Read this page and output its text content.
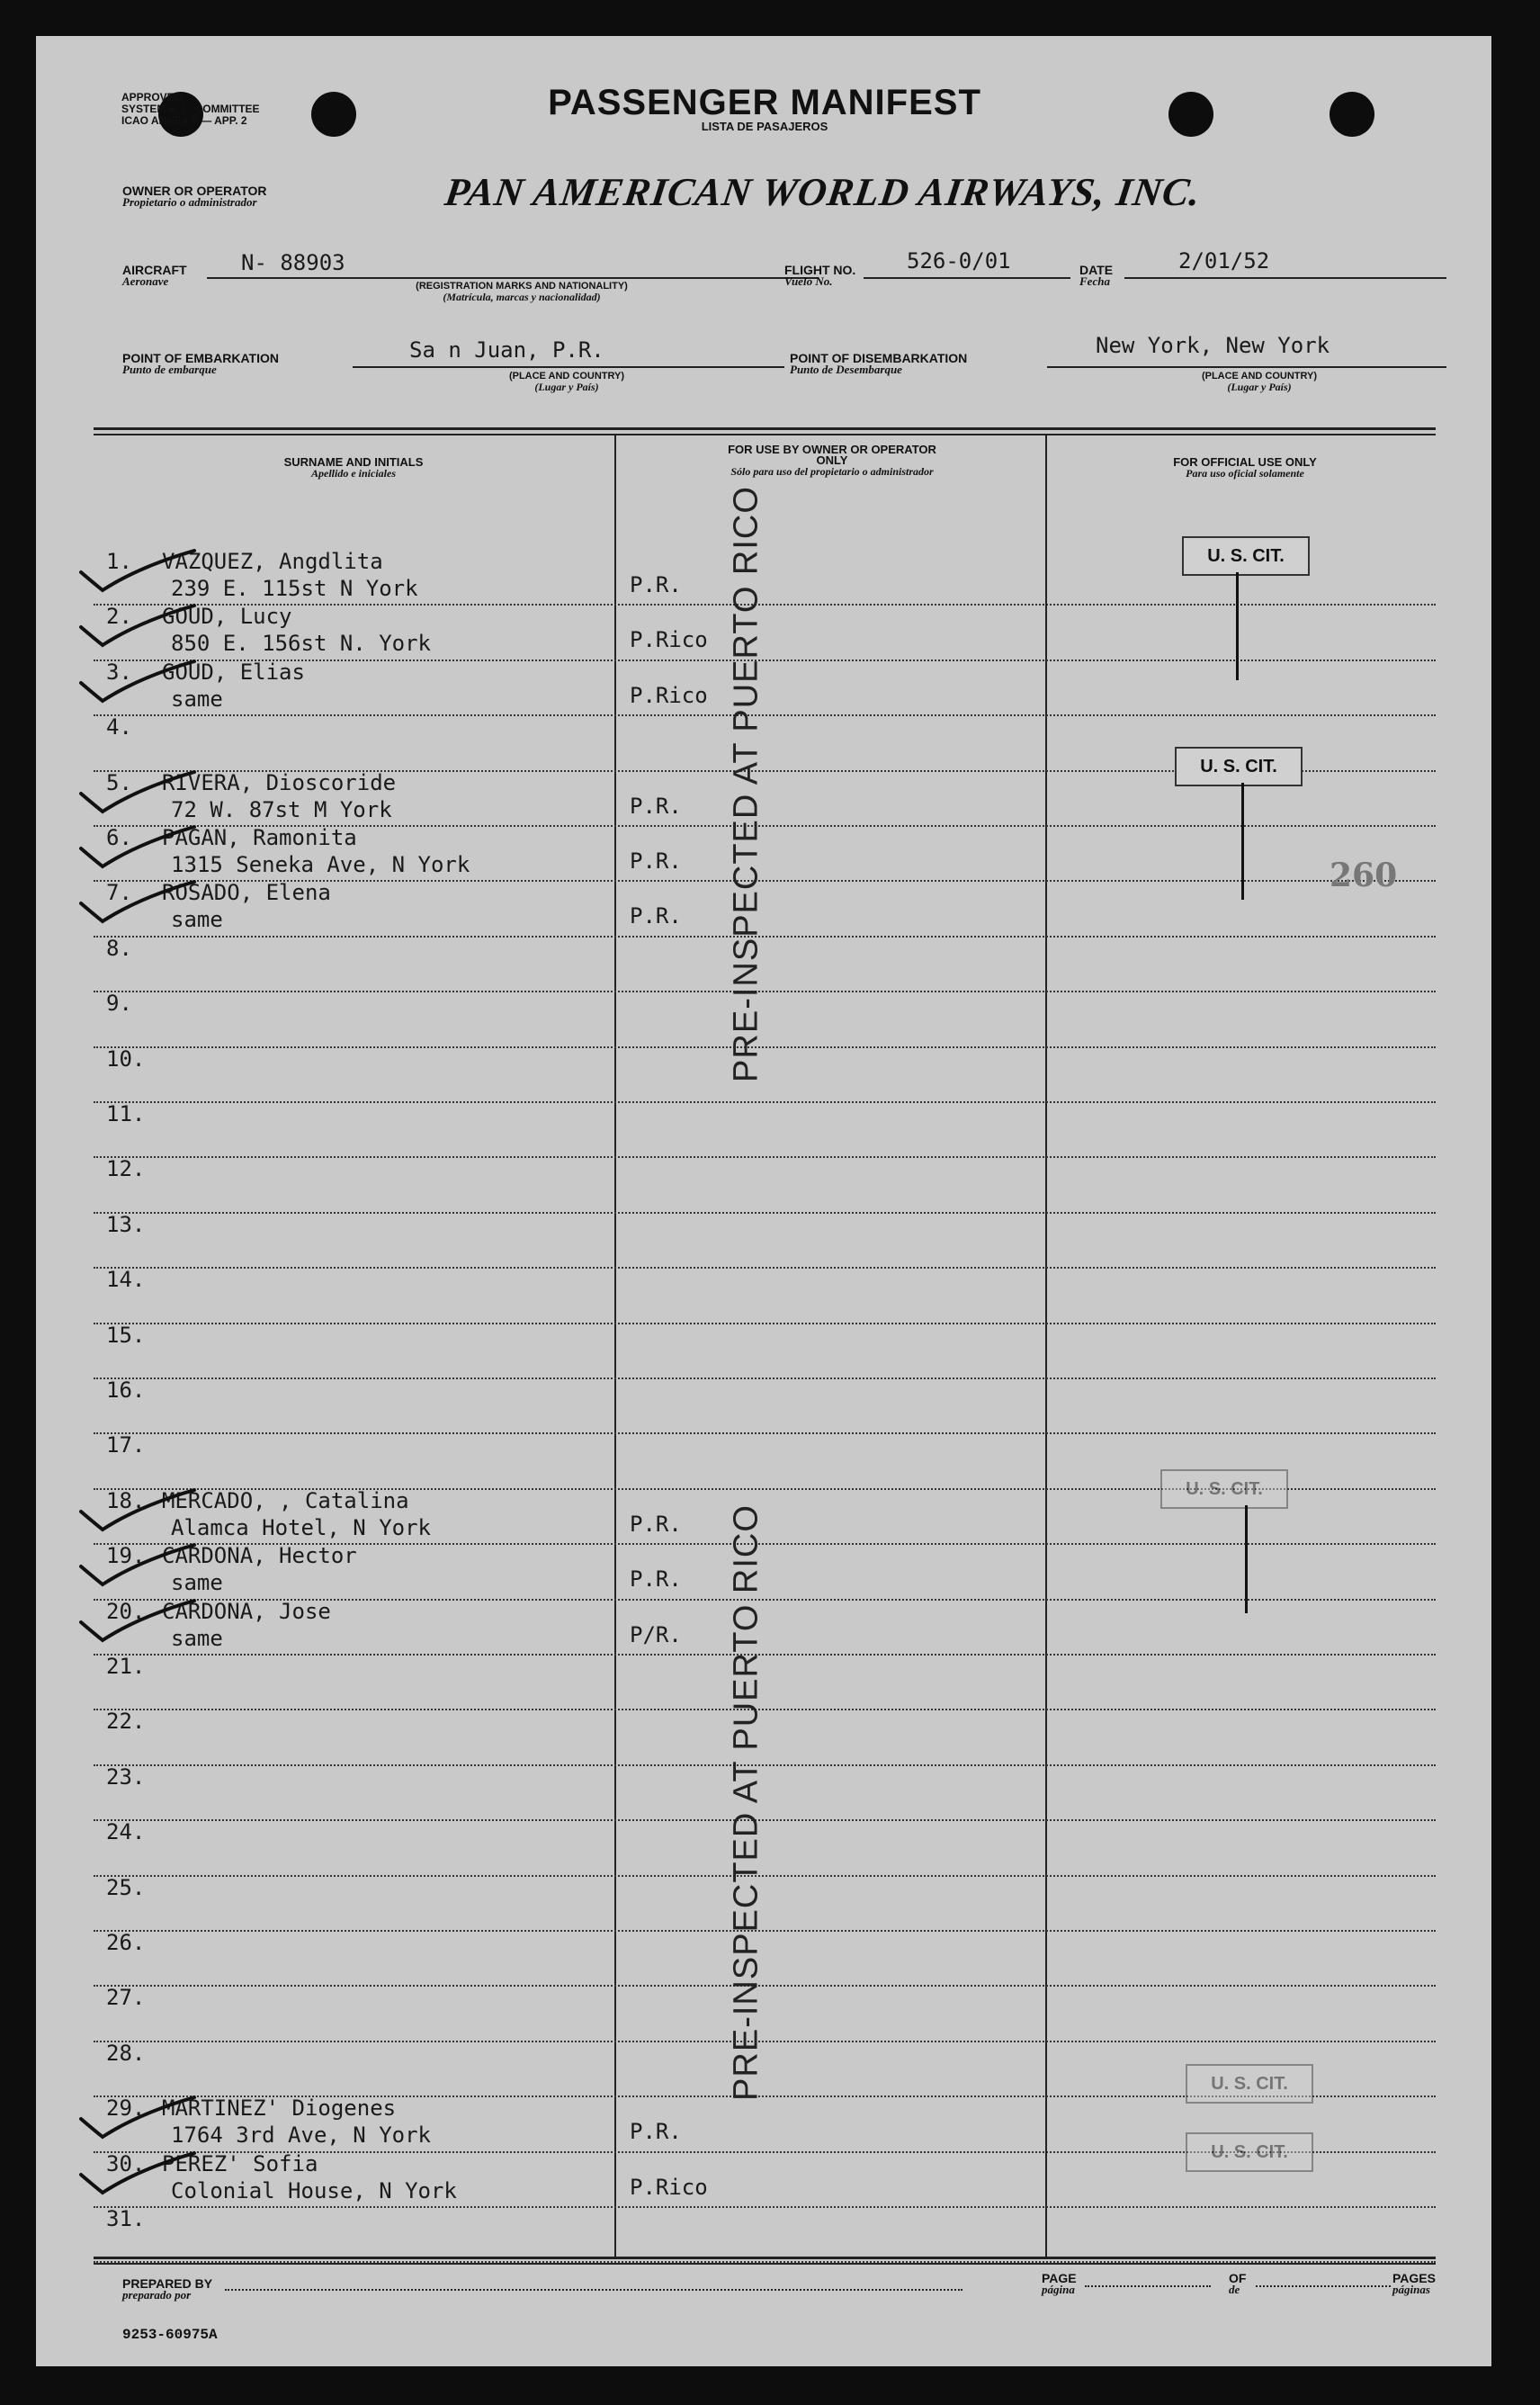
APPROVED
SYSTEM A. L. COMMITTEE
ICAO ANNEX 9 — APP. 2	PASSENGER MANIFEST
LISTA DE PASAJEROS
OWNER OR OPERATOR
Propietario o administrador	PAN AMERICAN WORLD AIRWAYS, INC.
AIRCRAFT
Aeronave
N- 88903
(REGISTRATION MARKS AND NATIONALITY)
(Matrícula, marcas y nacionalidad)
FLIGHT NO.
Vuelo No.
526-0/01	DATE
Fecha
2/01/52
POINT OF EMBARKATION
Punto de embarque
Sa n Juan, P.R.
(PLACE AND COUNTRY)
(Lugar y País)
POINT OF DISEMBARKATION
Punto de Desembarque
New York, New York
(PLACE AND COUNTRY)
(Lugar y País)
SURNAME AND INITIALS
Apellido e iniciales
FOR USE BY OWNER OR OPERATOR ONLY
Sólo para uso del propietario o administrador
FOR OFFICIAL USE ONLY
Para uso oficial solamente
1. VAZQUEZ, Angdlita
239 E. 115st N York	P.R.
2. GOUD, Lucy
850 E. 156st N. York	P.Rico
3. GOUD, Elias
same	P.Rico
4.
5. RIVERA, Dioscoride
72 W. 87st M York	P.R.
6. PAGAN, Ramonita
1315 Seneka Ave, N York	P.R.
7. ROSADO, Elena
same	P.R.
8.
9.
10.
11.
12.
13.
14.
15.
16.
17.
18. MERCADO, , Catalina
Alamca Hotel, N York	P.R.
19. CARDONA, Hector
same	P.R.
20. CARDONA, Jose
same	P/R.
21.
22.
23.
24.
25.
26.
27.
28.
29. MARTINEZ' Diogenes
1764 3rd Ave, N York	P.R.
30. PEREZ' Sofia
Colonial House, N York	P.Rico
31.
PRE-INSPECTED AT PUERTO RICO
PRE-INSPECTED AT PUERTO RICO
U. S. CIT.
U. S. CIT.
260
U. S. CIT.
U. S. CIT.
U. S. CIT.
PREPARED BY
preparado por
PAGE
página
OF
de
PAGES
páginas
9253-60975A
